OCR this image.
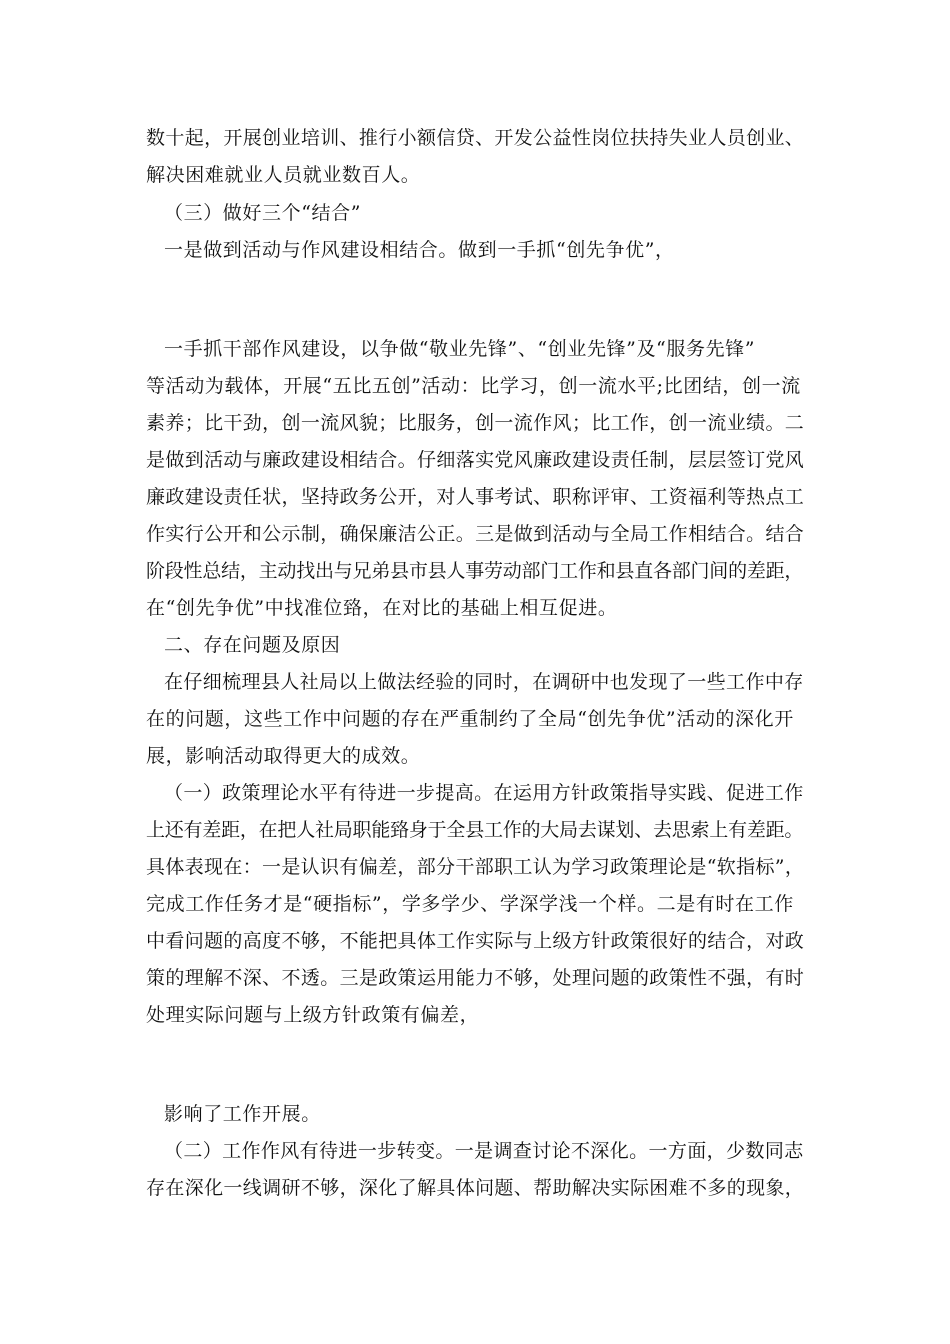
数十起，开展创业培训、推行小额信贷、开发公益性岗位扶持失业人员创业、
解决困难就业人员就业数百人。
（三）做好三个“结合”
一是做到活动与作风建设相结合。做到一手抓“创先争优”，
一手抓干部作风建设，以争做“敬业先锋”、“创业先锋”及“服务先锋”
等活动为载体，开展“五比五创”活动：比学习，创一流水平;比团结，创一流
素养；比干劲，创一流风貌；比服务，创一流作风；比工作，创一流业绩。二
是做到活动与廉政建设相结合。仔细落实党风廉政建设责任制，层层签订党风
廉政建设责任状，坚持政务公开，对人事考试、职称评审、工资福利等热点工
作实行公开和公示制，确保廉洁公正。三是做到活动与全局工作相结合。结合
阶段性总结，主动找出与兄弟县市县人事劳动部门工作和县直各部门间的差距，
在“创先争优”中找准位臵，在对比的基础上相互促进。
二、存在问题及原因
在仔细梳理县人社局以上做法经验的同时，在调研中也发现了一些工作中存
在的问题，这些工作中问题的存在严重制约了全局“创先争优”活动的深化开
展，影响活动取得更大的成效。
（一）政策理论水平有待进一步提高。在运用方针政策指导实践、促进工作
上还有差距，在把人社局职能臵身于全县工作的大局去谋划、去思索上有差距。
具体表现在：一是认识有偏差，部分干部职工认为学习政策理论是“软指标”，
完成工作任务才是“硬指标”，学多学少、学深学浅一个样。二是有时在工作
中看问题的高度不够，不能把具体工作实际与上级方针政策很好的结合，对政
策的理解不深、不透。三是政策运用能力不够，处理问题的政策性不强，有时
处理实际问题与上级方针政策有偏差，
影响了工作开展。
（二）工作作风有待进一步转变。一是调查讨论不深化。一方面，少数同志
存在深化一线调研不够，深化了解具体问题、帮助解决实际困难不多的现象，
